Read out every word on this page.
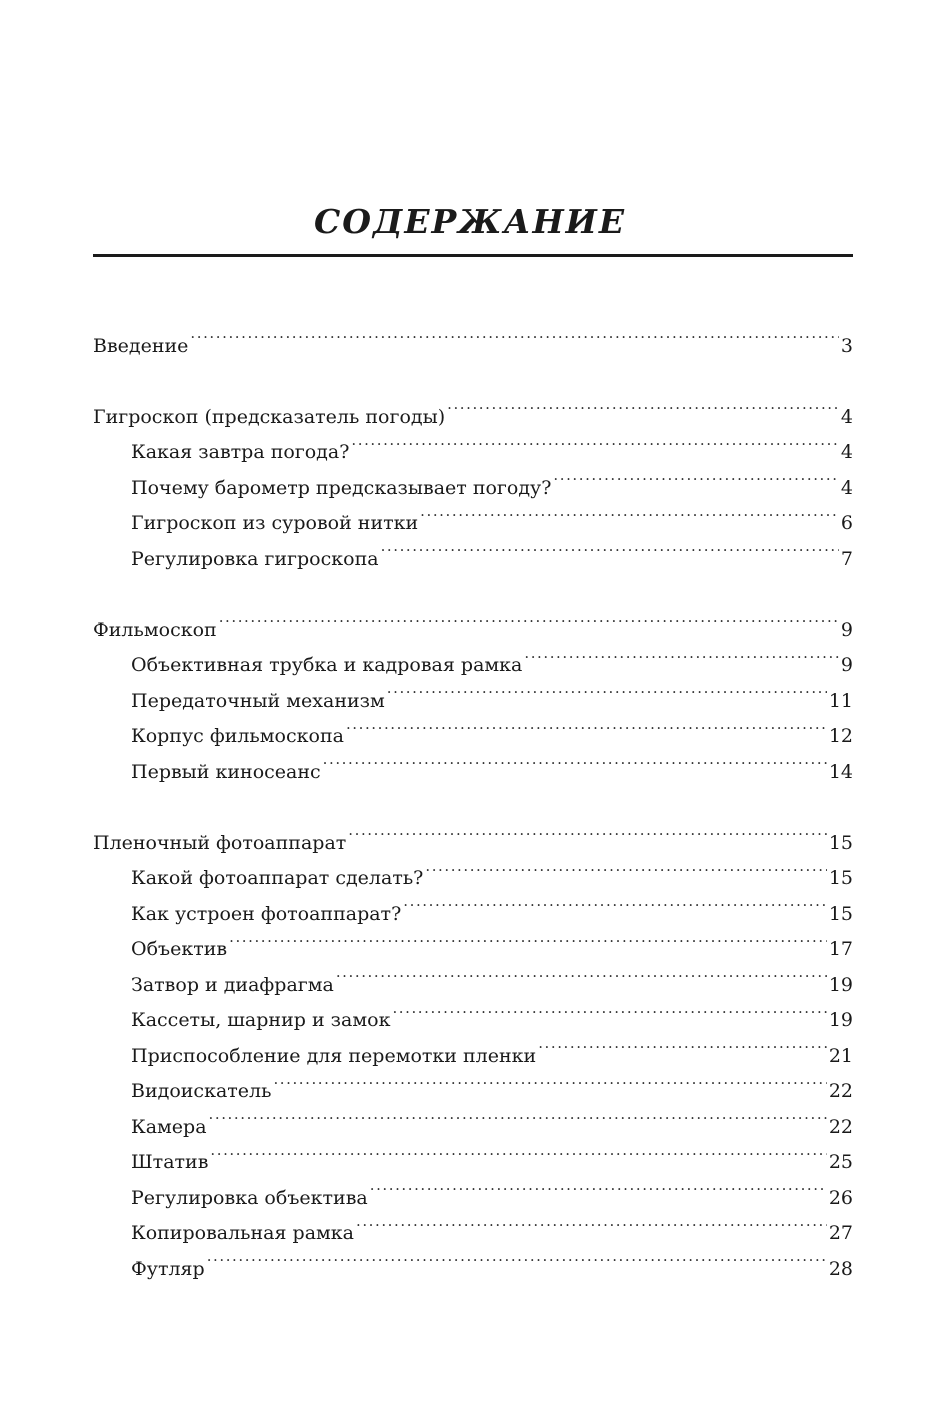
СОДЕРЖАНИЕ
Введение . . .	3
Гигроскоп (предсказатель погоды) . . .	4
Какая завтра погода? . . .	4
Почему барометр предсказывает погоду? . . .	4
Гигроскоп из суровой нитки . . .	6
Регулировка гигроскопа . . .	7
Фильмоскоп . . .	9
Объективная трубка и кадровая рамка . . .	9
Передаточный механизм . . .	11
Корпус фильмоскопа . . .	12
Первый киносеанс . . .	14
Пленочный фотоаппарат . . .	15
Какой фотоаппарат сделать? . . .	15
Как устроен фотоаппарат? . . .	15
Объектив . . .	17
Затвор и диафрагма . . .	19
Кассеты, шарнир и замок . . .	19
Приспособление для перемотки пленки . . .	21
Видоискатель . . .	22
Камера . . .	22
Штатив . . .	25
Регулировка объектива . . .	26
Копировальная рамка . . .	27
Футляр . . .	28
